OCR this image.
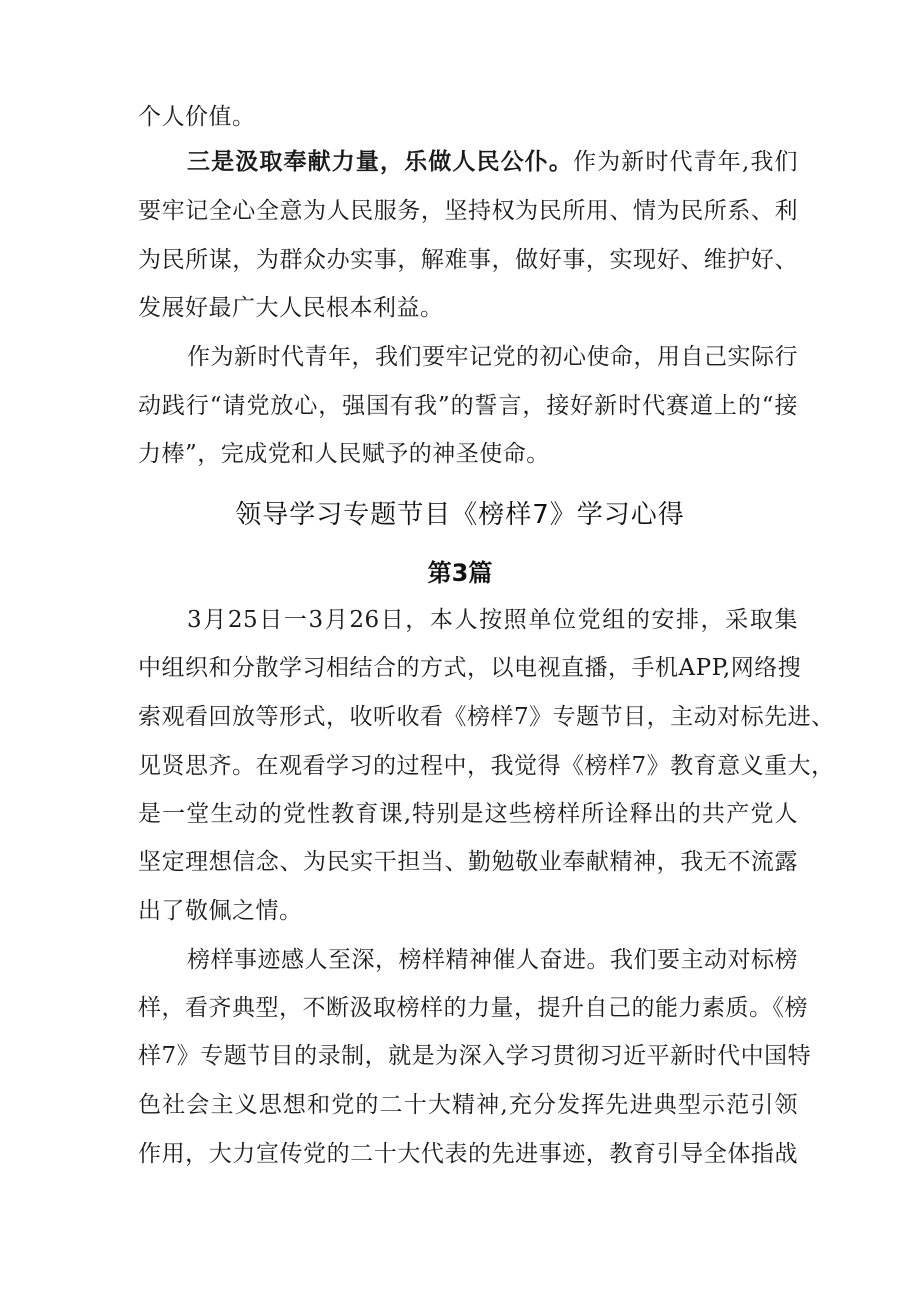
个人价值。
三是汲取奉献力量，乐做人民公仆。作为新时代青年,我们
要牢记全心全意为人民服务，坚持权为民所用、情为民所系、利
为民所谋，为群众办实事，解难事，做好事，实现好、维护好、
发展好最广大人民根本利益。
作为新时代青年，我们要牢记党的初心使命，用自己实际行
动践行“请党放心，强国有我”的誓言，接好新时代赛道上的“接
力棒”，完成党和人民赋予的神圣使命。
领导学习专题节目《榜样7》学习心得
第3篇
3月25日一3月26日，本人按照单位党组的安排，采取集
中组织和分散学习相结合的方式，以电视直播，手机APP,网络搜
索观看回放等形式，收听收看《榜样7》专题节目，主动对标先进、
见贤思齐。在观看学习的过程中，我觉得《榜样7》教育意义重大，
是一堂生动的党性教育课,特别是这些榜样所诠释出的共产党人
坚定理想信念、为民实干担当、勤勉敬业奉献精神，我无不流露
出了敬佩之情。
榜样事迹感人至深，榜样精神催人奋进。我们要主动对标榜
样，看齐典型，不断汲取榜样的力量，提升自己的能力素质。《榜
样7》专题节目的录制，就是为深入学习贯彻习近平新时代中国特
色社会主义思想和党的二十大精神,充分发挥先进典型示范引领
作用，大力宣传党的二十大代表的先进事迹，教育引导全体指战
